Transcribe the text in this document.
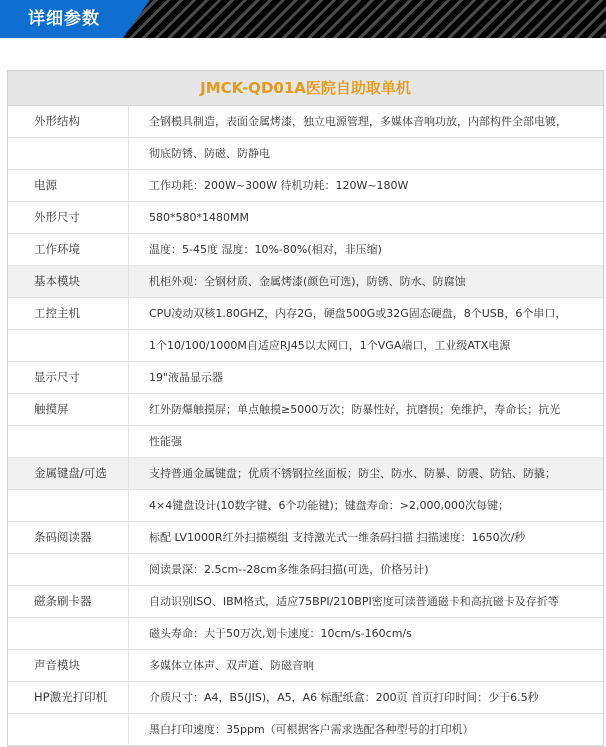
详细参数
JMCK-QD01A医院自助取单机
外形结构	全钢模具制造，表面金属烤漆，独立电源管理，多媒体音响功放，内部构件全部电镀，
彻底防锈、防磁、防静电
电源	工作功耗：200W~300W 待机功耗：120W~180W
外形尺寸	580*580*1480MM
工作环境	温度：5-45度 湿度：10%-80%(相对，非压缩)
基本模块	机柜外观：全钢材质、金属烤漆(颜色可选)，防锈、防水、防腐蚀
工控主机	CPU凌动双核1.80GHZ，内存2G，硬盘500G或32G固态硬盘，8个USB，6个串口，
1个10/100/1000M自适应RJ45以太网口，1个VGA端口，工业级ATX电源
显示尺寸	19"液晶显示器
触摸屏	红外防爆触摸屏；单点触摸≥5000万次；防暴性好，抗磨损；免维护，寿命长；抗光
性能强
金属键盘/可选	支持普通金属键盘；优质不锈钢拉丝面板；防尘、防水、防暴、防震、防钻、防撬；
4×4键盘设计(10数字键、6个功能键)；键盘寿命：>2,000,000次每键；
条码阅读器	标配 LV1000R红外扫描模组 支持激光式一维条码扫描 扫描速度：1650次/秒
阅读景深：2.5cm--28cm多维条码扫描(可选，价格另计)
磁条刷卡器	自动识别ISO、IBM格式，适应75BPI/210BPI密度可读普通磁卡和高抗磁卡及存折等
磁头寿命：大于50万次,划卡速度：10cm/s-160cm/s
声音模块	多媒体立体声、双声道、防磁音响
HP激光打印机	介质尺寸：A4，B5(JIS)，A5，A6 标配纸盒：200页 首页打印时间：少于6.5秒
黑白打印速度：35ppm（可根据客户需求选配各种型号的打印机）
